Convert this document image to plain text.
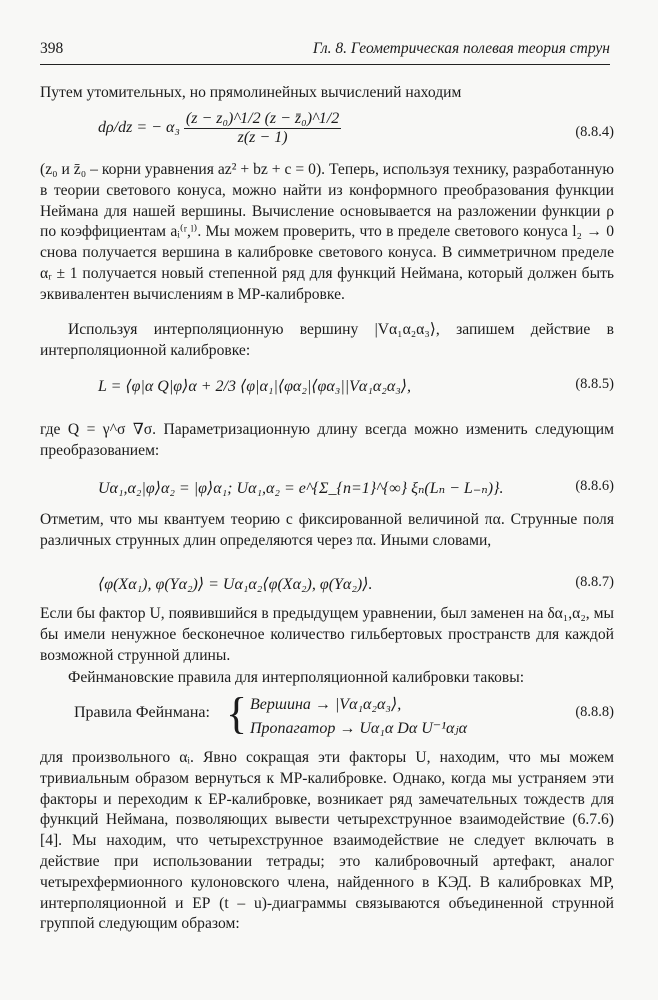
398	Гл. 8. Геометрическая полевая теория струн

Путем утомительных, но прямолинейных вычислений находим

dρ/dz = − $\alpha_3 \frac{\text{(z − z₀)\textasciicircum{}1/2 (z − z̄₀)\textasciicircum{}1/2}}{z(z - 1)}$	(8.8.4)

(z₀ и z̄₀ – корни уравнения az² + bz + c = 0). Теперь, используя технику, разработанную в теории светового конуса, можно найти из конформного преобразования функции Неймана для нашей вершины. Вычисление основывается на разложении функции ρ по коэффициентам aᵢ⁽ʳ,ˡ⁾. Мы можем проверить, что в пределе светового конуса l₂ → 0 снова получается вершина в калибровке светового конуса. В симметричном пределе αᵣ ± 1 получается новый степенной ряд для функций Неймана, который должен быть эквивалентен вычислениям в МР-калибровке.

Используя интерполяционную вершину |Vα₁α₂α₃⟩, запишем действие в интерполяционной калибровке:

L = ⟨φ|α Q|φ⟩α + 2/3 ⟨φ|α₁|⟨φα₂|⟨φα₃||Vα₁α₂α₃⟩,	(8.8.5)

где Q = γ^σ ∇σ. Параметризационную длину всегда можно изменить следующим преобразованием:

Uα₁,α₂|φ⟩α₂ = |φ⟩α₁; Uα₁,α₂ = e^{Σ_{n=1}^{∞} ξₙ(Lₙ − L₋ₙ)}.	(8.8.6)

Отметим, что мы квантуем теорию с фиксированной величиной πα. Струнные поля различных струнных длин определяются через πα. Иными словами,

⟨φ(Xα₁), φ(Yα₂)⟩ = Uα₁α₂⟨φ(Xα₂), φ(Yα₂)⟩.	(8.8.7)

Если бы фактор U, появившийся в предыдущем уравнении, был заменен на δα₁,α₂, мы бы имели ненужное бесконечное количество гильбертовых пространств для каждой возможной струнной длины.

Фейнмановские правила для интерполяционной калибровки таковы:

Правила Фейнмана: { Вершина → |Vα₁α₂α₃⟩,
Пропагатор → Uα₁α Dα U⁻¹αⱼα
(8.8.8)

для произвольного αᵢ. Явно сокращая эти факторы U, находим, что мы можем тривиальным образом вернуться к МР-калибровке. Однако, когда мы устраняем эти факторы и переходим к ЕР-калибровке, возникает ряд замечательных тождеств для функций Неймана, позволяющих вывести четырехструнное взаимодействие (6.7.6) [4]. Мы находим, что четырехструнное взаимодействие не следует включать в действие при использовании тетрады; это калибровочный артефакт, аналог четырехфермионного кулоновского члена, найденного в КЭД. В калибровках МР, интерполяционной и ЕР (t – u)-диаграммы связываются объединенной струнной группой следующим образом:
